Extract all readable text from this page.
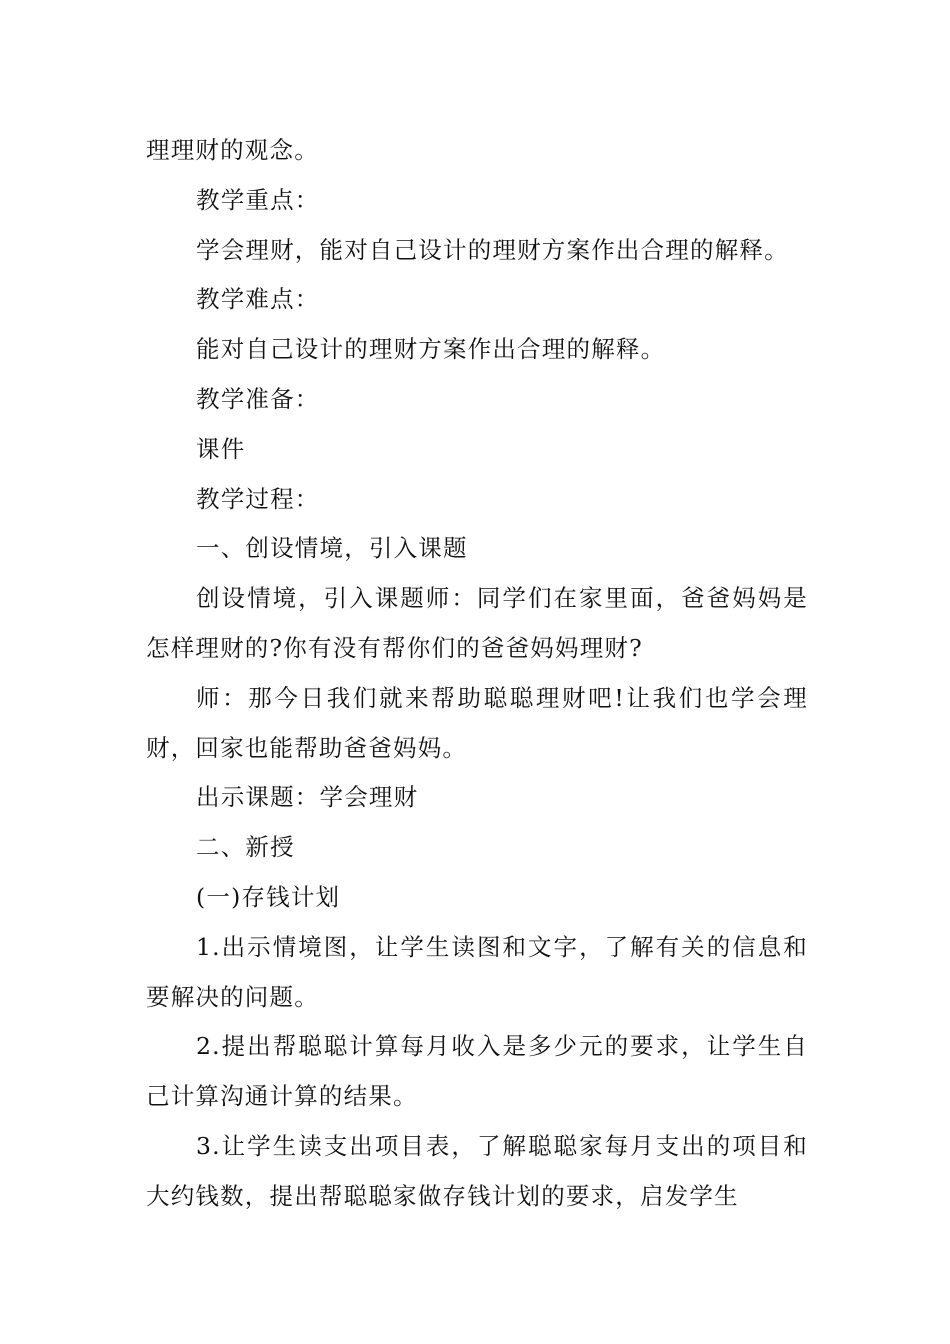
理理财的观念。

教学重点：

学会理财，能对自己设计的理财方案作出合理的解释。

教学难点：

能对自己设计的理财方案作出合理的解释。

教学准备：

课件

教学过程：

一、创设情境，引入课题

创设情境，引入课题师：同学们在家里面，爸爸妈妈是怎样理财的?你有没有帮你们的爸爸妈妈理财?

师：那今日我们就来帮助聪聪理财吧!让我们也学会理财，回家也能帮助爸爸妈妈。

出示课题：学会理财

二、新授

(一)存钱计划

1.出示情境图，让学生读图和文字，了解有关的信息和要解决的问题。

2.提出帮聪聪计算每月收入是多少元的要求，让学生自己计算沟通计算的结果。

3.让学生读支出项目表，了解聪聪家每月支出的项目和大约钱数，提出帮聪聪家做存钱计划的要求，启发学生
